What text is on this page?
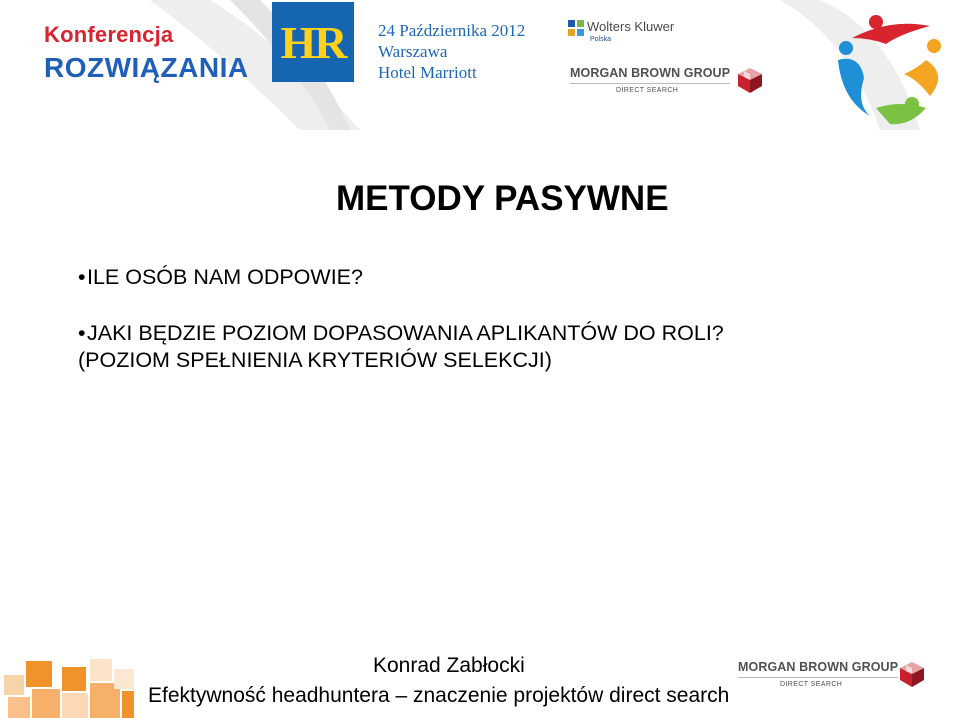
Konferencja
ROZWIĄZANIA HR	24 Października 2012
Warszawa
Hotel Marriott
Wolters Kluwer
Polska
MORGAN BROWN GROUP
DIRECT SEARCH
METODY PASYWNE
•ILE OSÓB NAM ODPOWIE?
•JAKI BĘDZIE POZIOM DOPASOWANIA APLIKANTÓW DO ROLI?
(POZIOM SPEŁNIENIA KRYTERIÓW SELEKCJI)
Konrad Zabłocki
Efektywność headhuntera – znaczenie projektów direct search
MORGAN BROWN GROUP
DIRECT SEARCH
